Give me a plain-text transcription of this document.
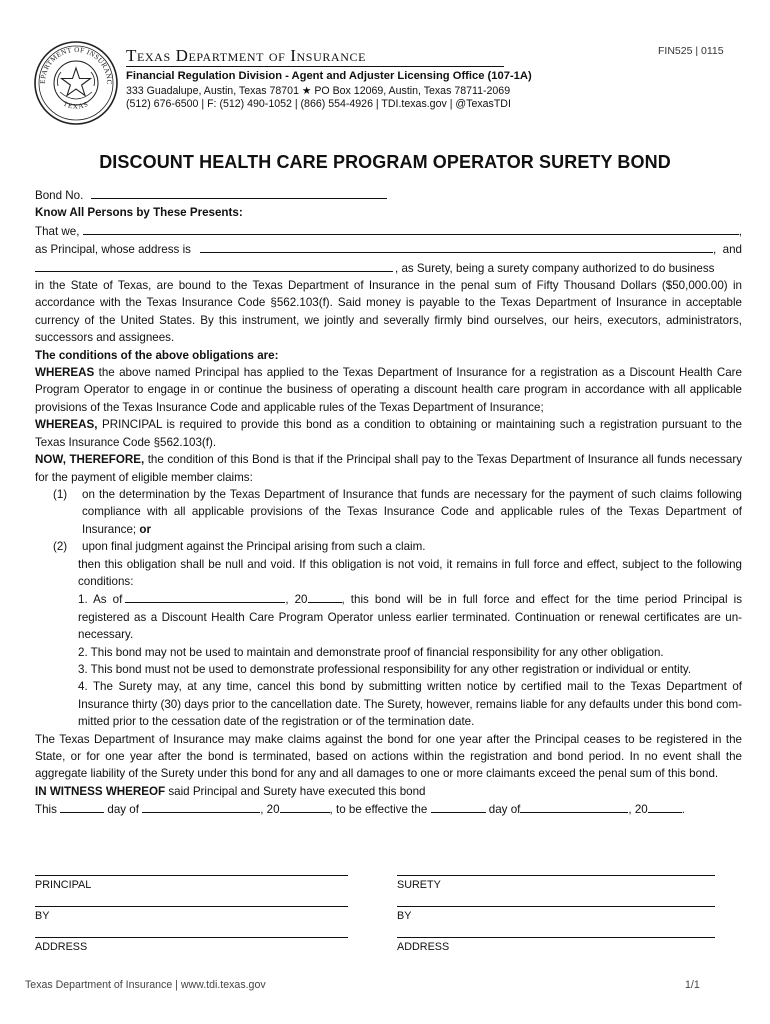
EPARTMENT OF INSURANC
TEXAS
Texas Department of Insurance	FIN525 | 0115
Financial Regulation Division - Agent and Adjuster Licensing Office (107-1A)
333 Guadalupe, Austin, Texas 78701 ★ PO Box 12069, Austin, Texas 78711-2069
(512) 676-6500 | F: (512) 490-1052 | (866) 554-4926 | TDI.texas.gov | @TexasTDI
DISCOUNT HEALTH CARE PROGRAM OPERATOR SURETY BOND
Bond No.
Know All Persons by These Presents:
That we,	,
as Principal, whose address is	, and
, as Surety, being a surety company authorized to do business
in the State of Texas, are bound to the Texas Department of Insurance in the penal sum of Fifty Thousand Dollars ($50,000.00) in accordance with the Texas Insurance Code §562.103(f). Said money is payable to the Texas Department of Insurance in acceptable currency of the United States. By this instrument, we jointly and severally firmly bind ourselves, our heirs, executors, administrators, successors and assignees.
The conditions of the above obligations are:
WHEREAS the above named Principal has applied to the Texas Department of Insurance for a registration as a Discount Health Care Program Operator to engage in or continue the business of operating a discount health care program in accordance with all applicable provisions of the Texas Insurance Code and applicable rules of the Texas Department of Insurance;
WHEREAS, PRINCIPAL is required to provide this bond as a condition to obtaining or maintaining such a registration pursuant to the Texas Insurance Code §562.103(f).
NOW, THEREFORE, the condition of this Bond is that if the Principal shall pay to the Texas Department of Insurance all funds necessary for the payment of eligible member claims:
(1)	on the determination by the Texas Department of Insurance that funds are necessary for the payment of such claims following compliance with all applicable provisions of the Texas Insurance Code and applicable rules of the Texas Department of Insurance; or
(2)	upon final judgment against the Principal arising from such a claim.
then this obligation shall be null and void. If this obligation is not void, it remains in full force and effect, subject to the following conditions:
1. As of	, 20	, this bond will be in full force and effect for the time period Principal is registered as a Discount Health Care Program Operator unless earlier terminated. Continuation or renewal certificates are un- necessary.
2. This bond may not be used to maintain and demonstrate proof of financial responsibility for any other obligation.
3. This bond must not be used to demonstrate professional responsibility for any other registration or individual or entity.
4. The Surety may, at any time, cancel this bond by submitting written notice by certified mail to the Texas Department of Insurance thirty (30) days prior to the cancellation date. The Surety, however, remains liable for any defaults under this bond com- mitted prior to the cessation date of the registration or of the termination date.
The Texas Department of Insurance may make claims against the bond for one year after the Principal ceases to be registered in the State, or for one year after the bond is terminated, based on actions within the registration and bond period. In no event shall the aggregate liability of the Surety under this bond for any and all damages to one or more claimants exceed the penal sum of this bond.
IN WITNESS WHEREOF said Principal and Surety have executed this bond
This	day of	, 20	, to be effective the	day of	, 20	.
PRINCIPAL	SURETY
BY	BY
ADDRESS	ADDRESS
Texas Department of Insurance | www.tdi.texas.gov	1/1
